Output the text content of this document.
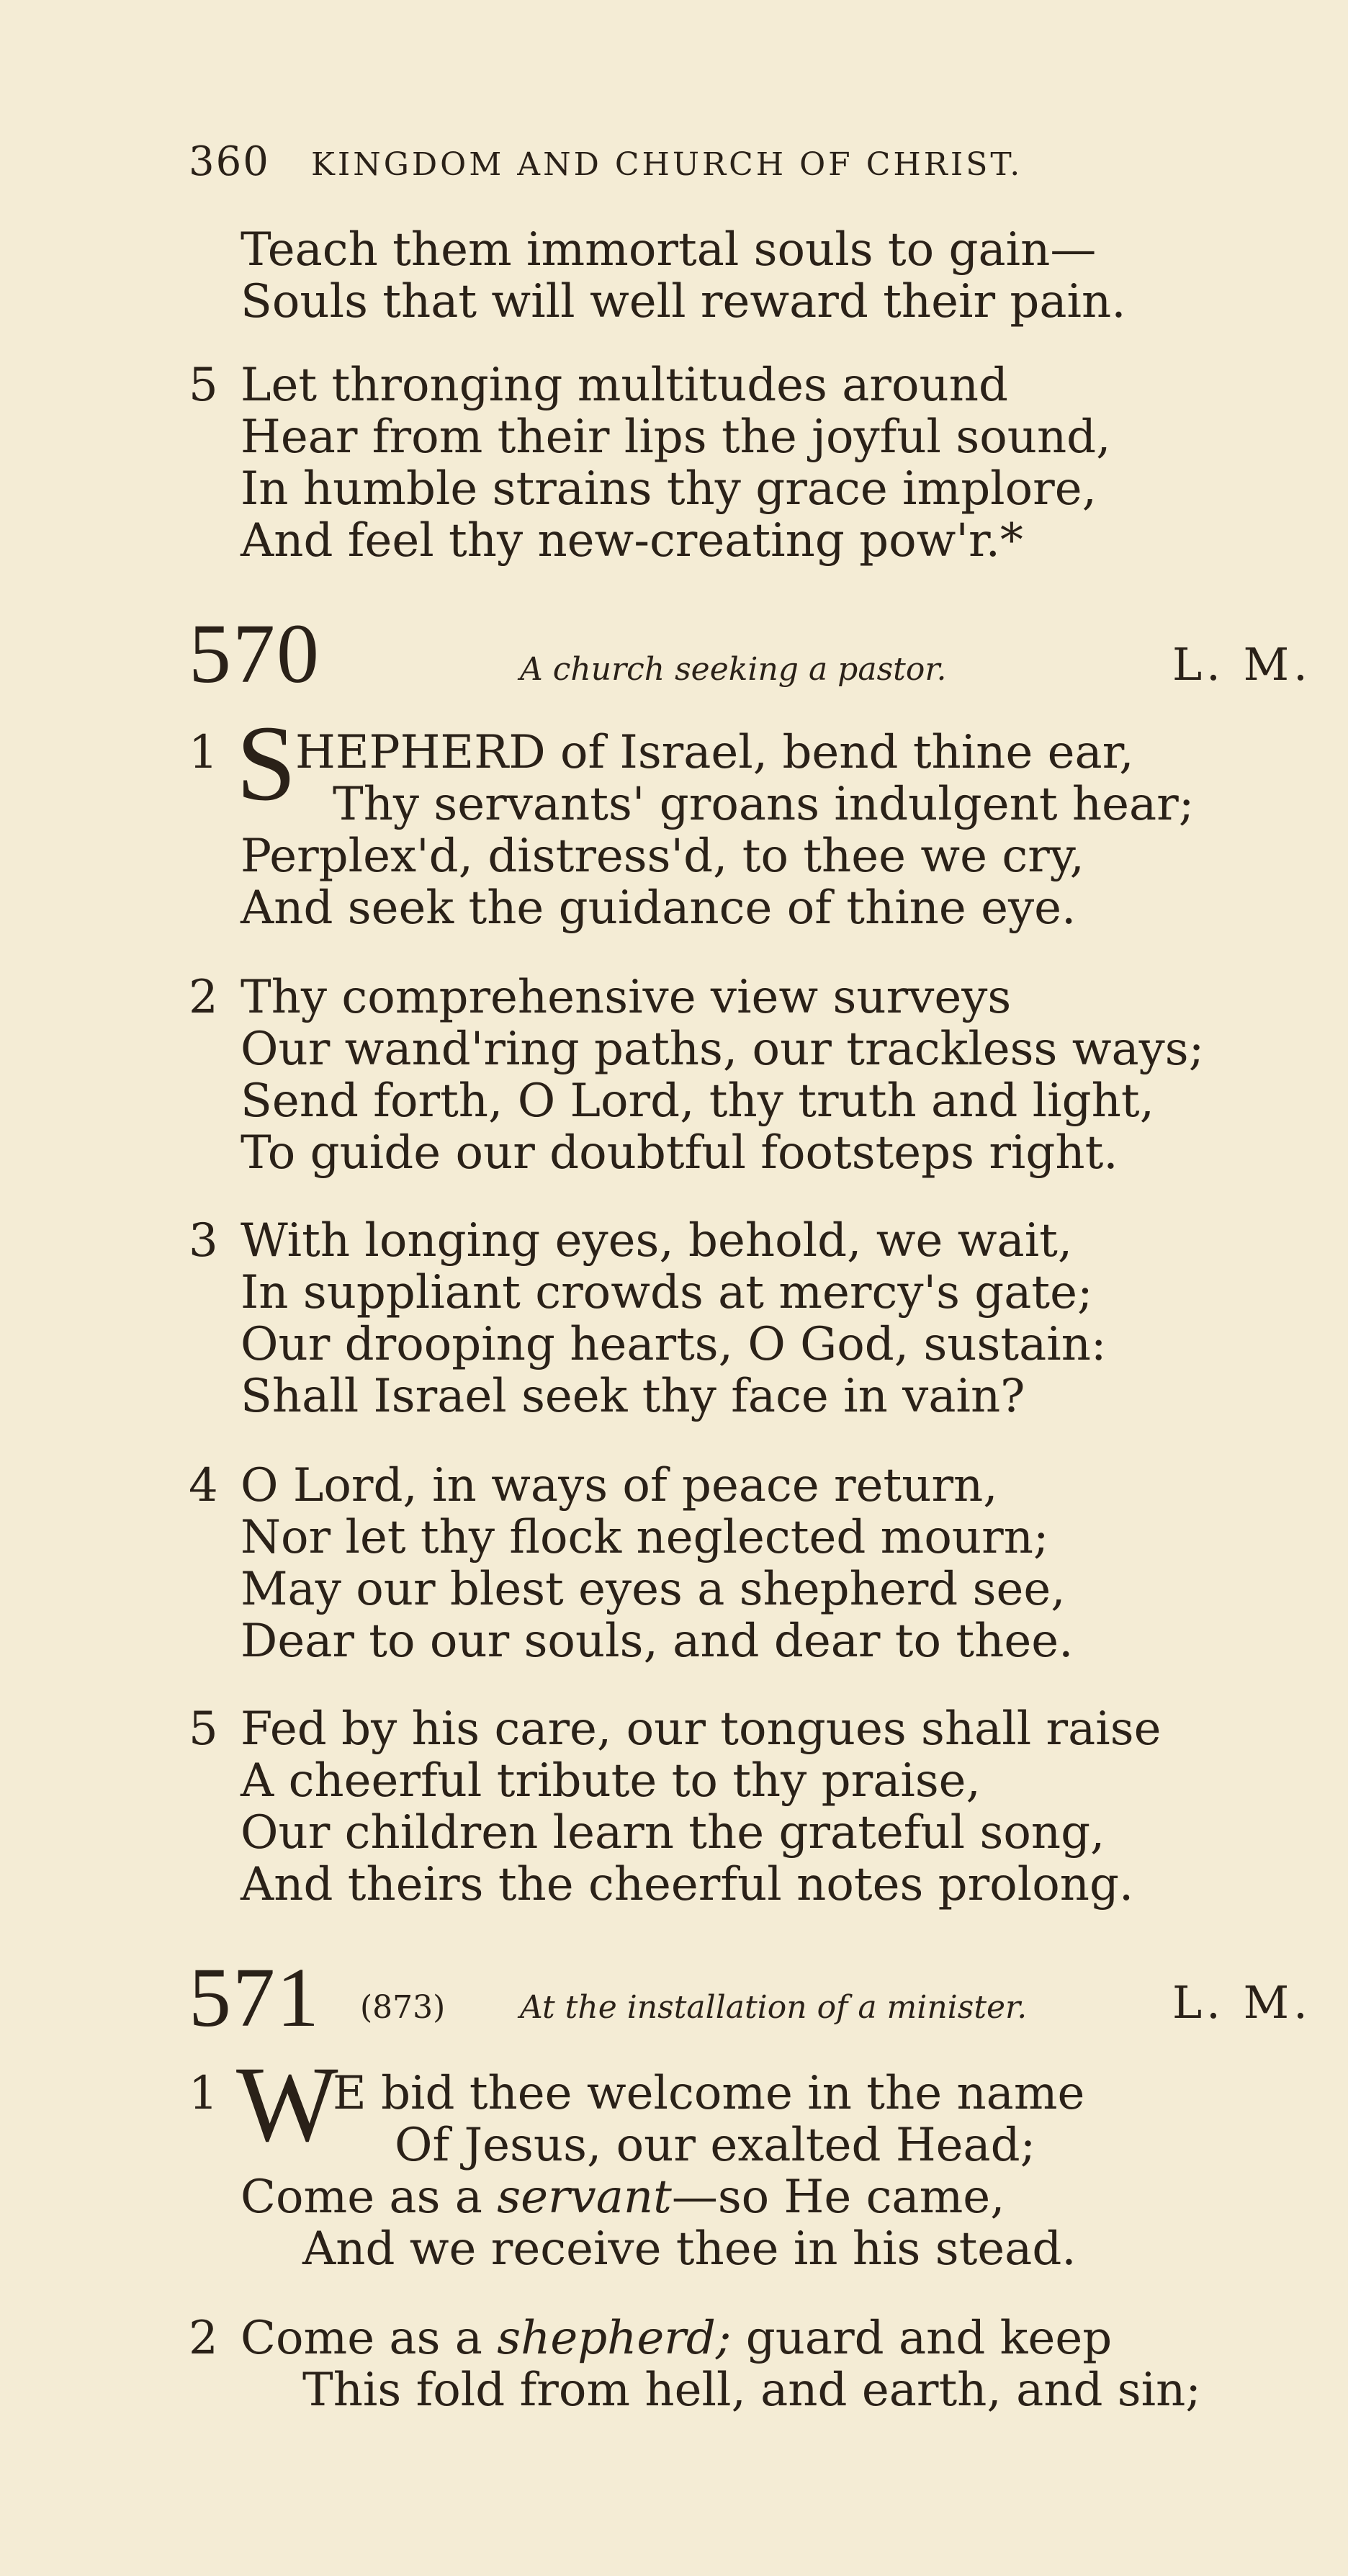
360 KINGDOM AND CHURCH OF CHRIST.
Teach them immortal souls to gain—
Souls that will well reward their pain.
5 Let thronging multitudes around
Hear from their lips the joyful sound,
In humble strains thy grace implore,
And feel thy new-creating pow'r.*
570	A church seeking a pastor.	L. M.
1 S
HEPHERD of Israel, bend thine ear,
Thy servants' groans indulgent hear;
Perplex'd, distress'd, to thee we cry,
And seek the guidance of thine eye.
2 Thy comprehensive view surveys
Our wand'ring paths, our trackless ways;
Send forth, O Lord, thy truth and light,
To guide our doubtful footsteps right.
3 With longing eyes, behold, we wait,
In suppliant crowds at mercy's gate;
Our drooping hearts, O God, sustain:
Shall Israel seek thy face in vain?
4 O Lord, in ways of peace return,
Nor let thy flock neglected mourn;
May our blest eyes a shepherd see,
Dear to our souls, and dear to thee.
5 Fed by his care, our tongues shall raise
A cheerful tribute to thy praise,
Our children learn the grateful song,
And theirs the cheerful notes prolong.
571 (873) At the installation of a minister.	L. M.
1 W
E bid thee welcome in the name
Of Jesus, our exalted Head;
Come as a servant—so He came,
And we receive thee in his stead.
2 Come as a shepherd; guard and keep
This fold from hell, and earth, and sin;
